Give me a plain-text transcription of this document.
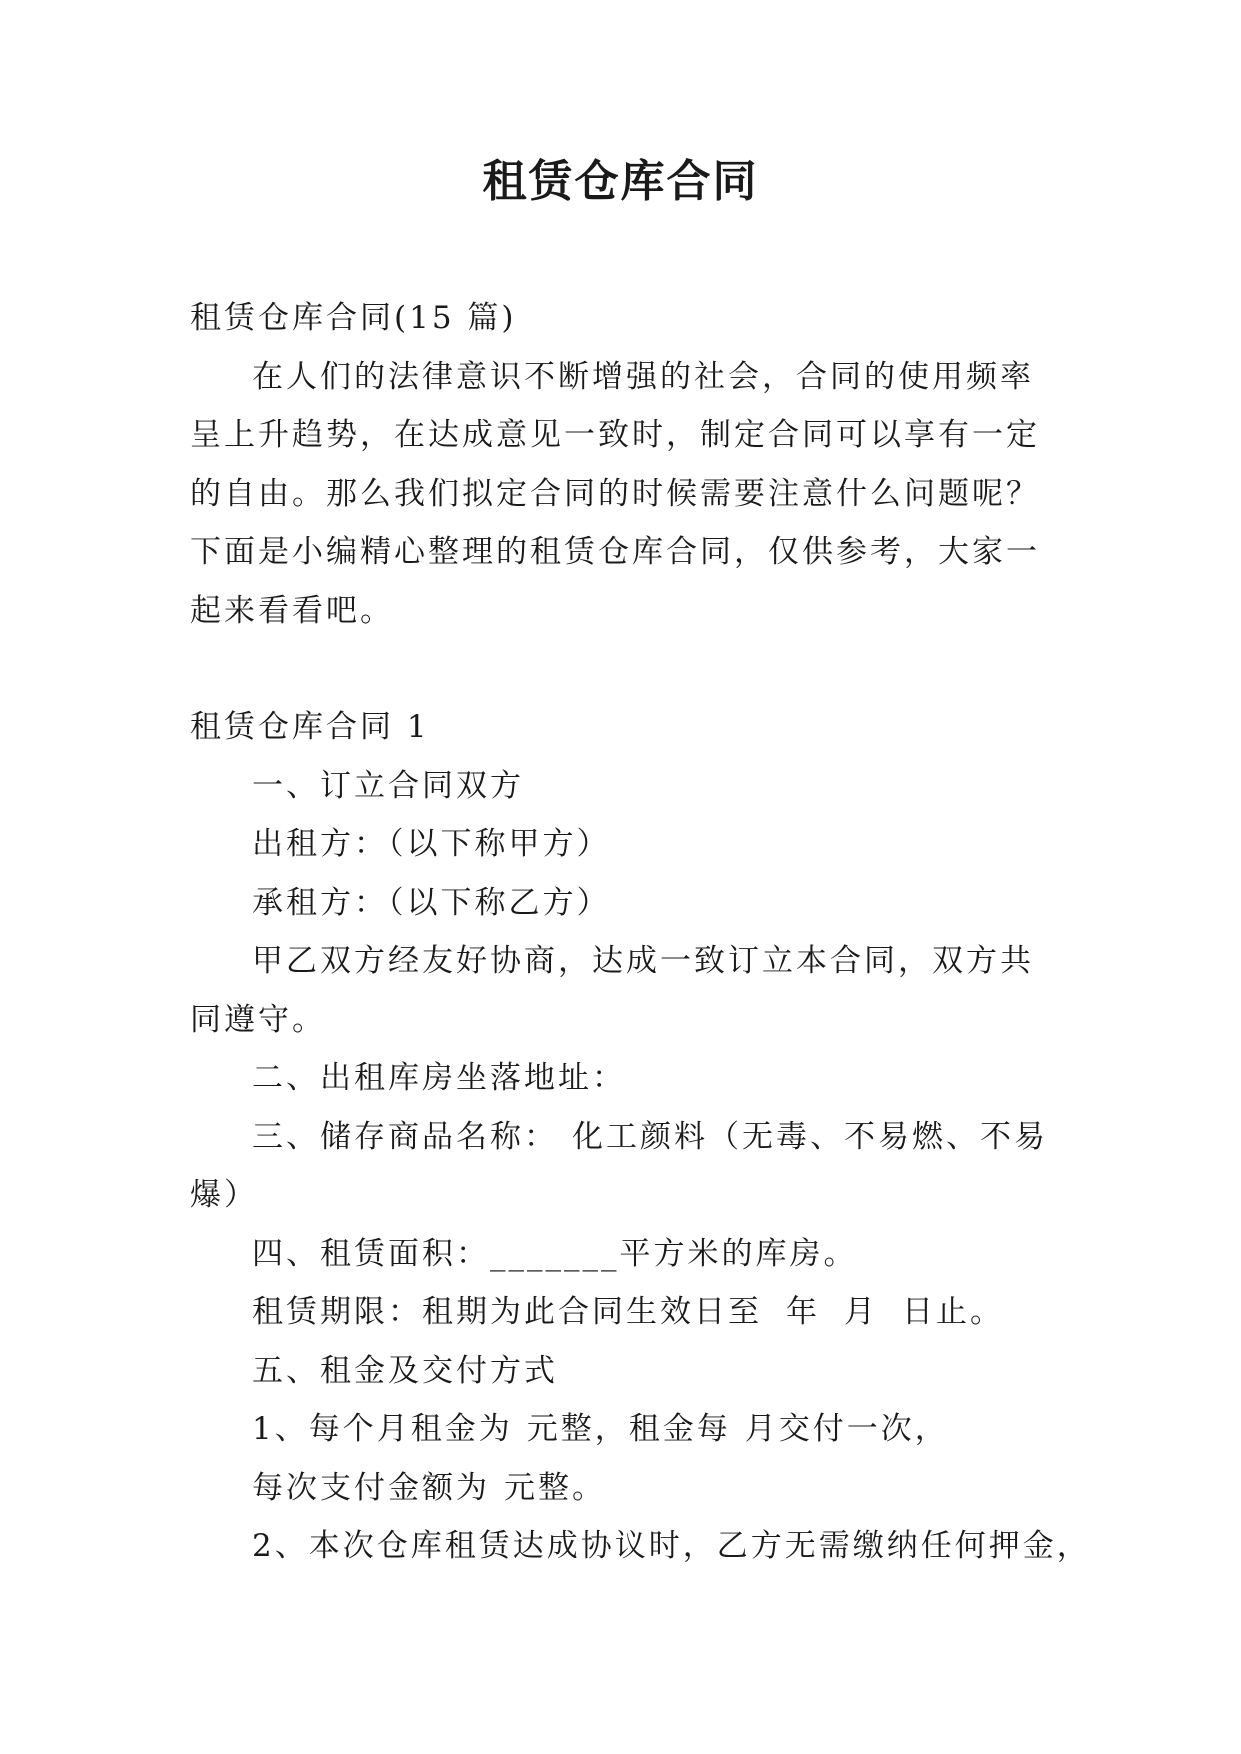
租赁仓库合同

租赁仓库合同(15 篇)

在人们的法律意识不断增强的社会，合同的使用频率呈上升趋势，在达成意见一致时，制定合同可以享有一定的自由。那么我们拟定合同的时候需要注意什么问题呢？下面是小编精心整理的租赁仓库合同，仅供参考，大家一起来看看吧。

租赁仓库合同 1

一、订立合同双方

出租方：（以下称甲方）

承租方：（以下称乙方）

甲乙双方经友好协商，达成一致订立本合同，双方共同遵守。

二、出租库房坐落地址：

三、储存商品名称： 化工颜料（无毒、不易燃、不易爆）

四、租赁面积：_______平方米的库房。

租赁期限：租期为此合同生效日至 年 月 日止。

五、租金及交付方式

1、每个月租金为 元整，租金每 月交付一次，

每次支付金额为 元整。

2、本次仓库租赁达成协议时，乙方无需缴纳任何押金，
